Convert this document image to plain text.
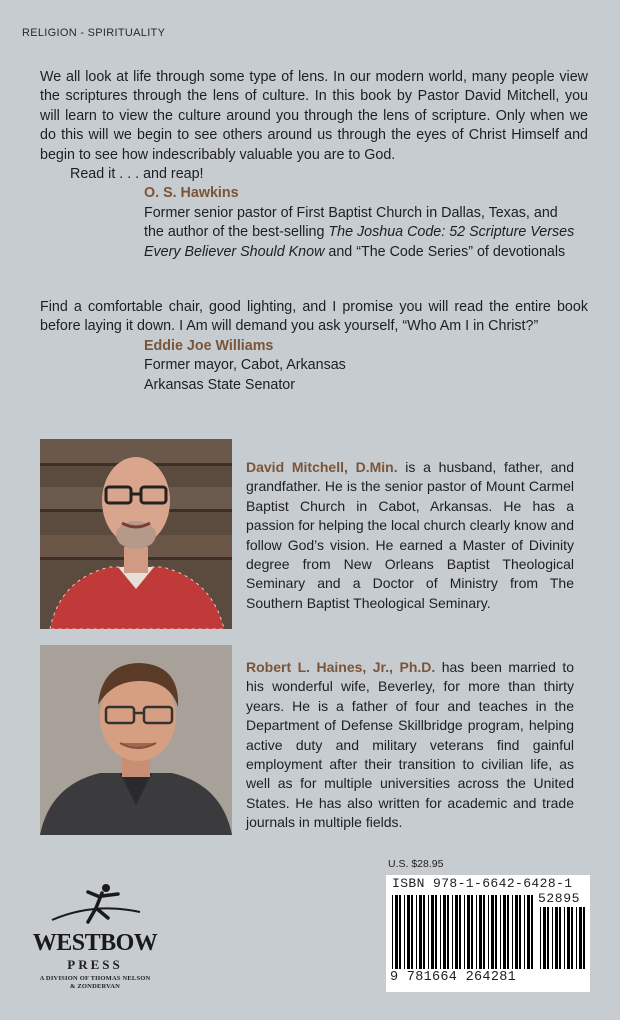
RELIGION - SPIRITUALITY

We all look at life through some type of lens. In our modern world, many people view the scriptures through the lens of culture. In this book by Pastor David Mitchell, you will learn to view the culture around you through the lens of scripture. Only when we do this will we begin to see others around us through the eyes of Christ Himself and begin to see how indescribably valuable you are to God.

Read it . . . and reap!

O. S. Hawkins

Former senior pastor of First Baptist Church in Dallas, Texas, and
the author of the best-selling The Joshua Code: 52 Scripture Verses
Every Believer Should Know and “The Code Series” of devotionals

Find a comfortable chair, good lighting, and I promise you will read the entire book before laying it down. I Am will demand you ask yourself, “Who Am I in Christ?”

Eddie Joe Williams

Former mayor, Cabot, Arkansas
Arkansas State Senator

David Mitchell, D.Min. is a husband, father, and grandfather. He is the senior pastor of Mount Carmel Baptist Church in Cabot, Arkansas. He has a passion for helping the local church clearly know and follow God’s vision. He earned a Master of Divinity degree from New Orleans Baptist Theological Seminary and a Doctor of Ministry from The Southern Baptist Theological Seminary.
Robert L. Haines, Jr., Ph.D. has been married to his wonderful wife, Beverley, for more than thirty years. He is a father of four and teaches in the Department of Defense Skillbridge program, helping active duty and military veterans find gainful employment after their transition to civilian life, as well as for multiple universities across the United States. He has also written for academic and trade journals in multiple fields.
WESTBOW
PRESS
A DIVISION OF THOMAS NELSON
& ZONDERVAN
U.S. $28.95
ISBN 978-1-6642-6428-1
52895
9 781664 264281
